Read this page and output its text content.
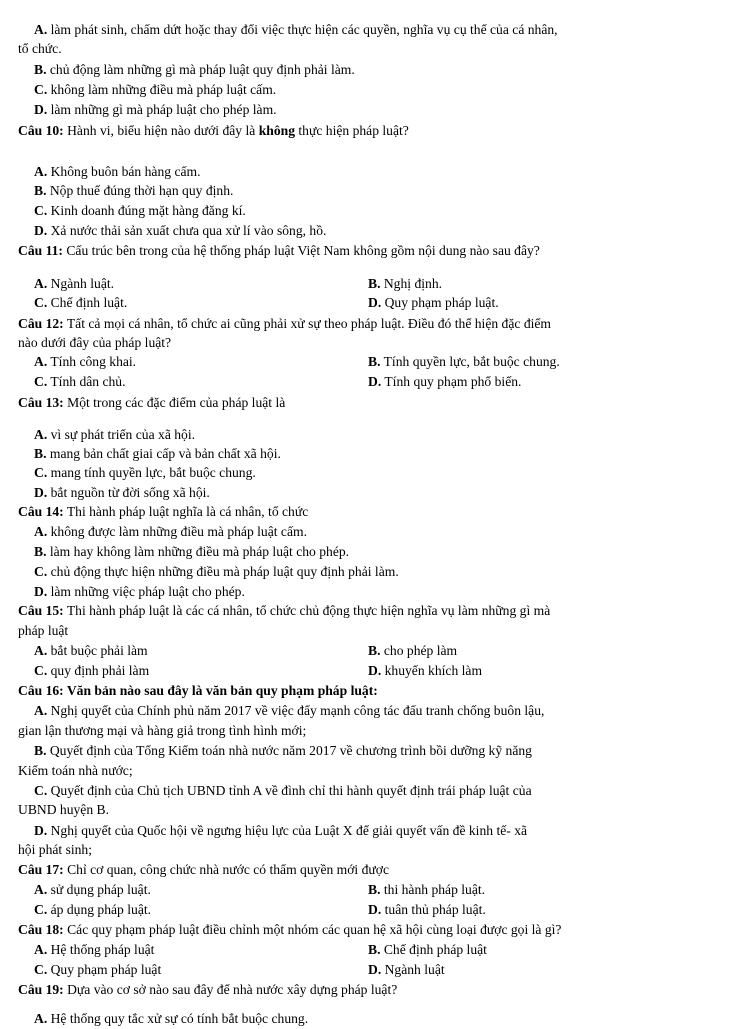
A. làm phát sinh, chấm dứt hoặc thay đổi việc thực hiện các quyền, nghĩa vụ cụ thể của cá nhân,
tổ chức.
B. chủ động làm những gì mà pháp luật quy định phải làm.
C. không làm những điều mà pháp luật cấm.
D. làm những gì mà pháp luật cho phép làm.
Câu 10: Hành vi, biểu hiện nào dưới đây là không thực hiện pháp luật?
A. Không buôn bán hàng cấm.
B. Nộp thuế đúng thời hạn quy định.
C. Kinh doanh đúng mặt hàng đăng kí.
D. Xả nước thải sản xuất chưa qua xử lí vào sông, hồ.
Câu 11: Cấu trúc bên trong của hệ thống pháp luật Việt Nam không gồm nội dung nào sau đây?
A. Ngành luật.	B. Nghị định.
C. Chế định luật.	D. Quy phạm pháp luật.
Câu 12: Tất cả mọi cá nhân, tổ chức ai cũng phải xử sự theo pháp luật. Điều đó thể hiện đặc điểm
nào dưới đây của pháp luật?
A. Tính công khai.	B. Tính quyền lực, bắt buộc chung.
C. Tính dân chủ.	D. Tính quy phạm phổ biến.
Câu 13: Một trong các đặc điểm của pháp luật là
A. vì sự phát triển của xã hội.
B. mang bản chất giai cấp và bản chất xã hội.
C. mang tính quyền lực, bắt buộc chung.
D. bắt nguồn từ đời sống xã hội.
Câu 14: Thi hành pháp luật nghĩa là cá nhân, tổ chức
A. không được làm những điều mà pháp luật cấm.
B. làm hay không làm những điều mà pháp luật cho phép.
C. chủ động thực hiện những điều mà pháp luật quy định phải làm.
D. làm những việc pháp luật cho phép.
Câu 15: Thi hành pháp luật là các cá nhân, tổ chức chủ động thực hiện nghĩa vụ làm những gì mà
pháp luật
A. bắt buộc phải làm	B. cho phép làm
C. quy định phải làm	D. khuyến khích làm
Câu 16: Văn bản nào sau đây là văn bản quy phạm pháp luật:
A. Nghị quyết của Chính phủ năm 2017 về việc đẩy mạnh công tác đấu tranh chống buôn lậu,
gian lận thương mại và hàng giả trong tình hình mới;
B. Quyết định của Tổng Kiểm toán nhà nước năm 2017 về chương trình bồi dưỡng kỹ năng
Kiểm toán nhà nước;
C. Quyết định của Chủ tịch UBND tỉnh A về đình chỉ thi hành quyết định trái pháp luật của
UBND huyện B.
D. Nghị quyết của Quốc hội về ngưng hiệu lực của Luật X để giải quyết vấn đề kinh tế- xã
hội phát sinh;
Câu 17: Chỉ cơ quan, công chức nhà nước có thẩm quyền mới được
A. sử dụng pháp luật.	B. thi hành pháp luật.
C. áp dụng pháp luật.	D. tuân thủ pháp luật.
Câu 18: Các quy phạm pháp luật điều chỉnh một nhóm các quan hệ xã hội cùng loại được gọi là gì?
A. Hệ thống pháp luật	B. Chế định pháp luật
C. Quy phạm pháp luật	D. Ngành luật
Câu 19: Dựa vào cơ sở nào sau đây để nhà nước xây dựng pháp luật?
A. Hệ thống quy tắc xử sự có tính bắt buộc chung.
